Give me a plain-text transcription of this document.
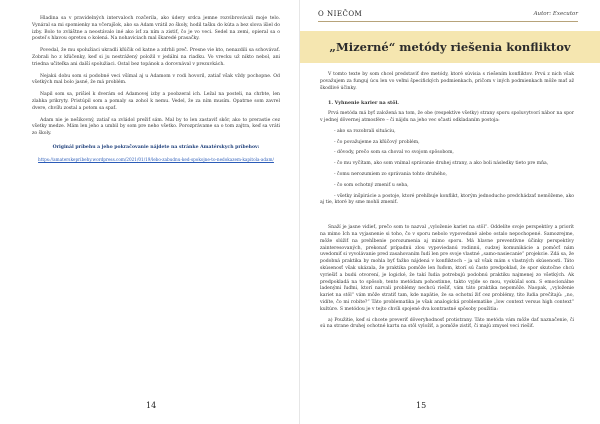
Hladina sa v pravidelných intervaloch rozčerila, ako údery srdca jemne rozvibrovávali moje telo. Vynáral sa mi spomienky na včerajšok, ako sa Adam vrátil zo školy, hodil tašku do kúta a bez slova išiel do izby. Bolo to zvláštne a neostávalo iné ako ísť za ním a zistiť, čo je vo veci. Sedel na zemi, opieral sa o posteľ s hlavou opretou o kolená. Na nohaviciach mal škaredé prasačky.

Povedal, že mu spolužiaci ukradli kľúčik od katne a zdrhli preč. Presne vie kto, nenazdili sa schovávať. Zobrali ho z kľúčenky, keď si ju nestrážený položil v jedálni na riadku. Vo vrecku už nikto nebol, ani triedna učiteľka ani další spolužiaci. Ostal bez topánok a dorovnával v prezuvkách.

Nejakú dobu som si podobné veci všímal aj u Adamom v rodi hovoril, zatiaľ však vždy pochopne. Od všetkých mal bolo jasné, že má problém.

Napil som sa, prišiel k dverám od Adamovej izby a poobzeral ich. Ležal na posteli, na chrbte, len zlahka prikryty. Pristúpil som a pomaly sa zohol k nemu. Vedel, že za ním musím. Opatrne som zavrel dvere, chvíľu zostal a potom sa spať.

Adam nie je nešikovný, zatiaľ sa zvládol prežiť sám. Mal by to len zastaviť skôr, ako to prerastie cez všetky medze. Mám len jeho a umbil by som pre neho všetko. Porozprávame sa o tom zajtra, keď sa vráti zo školy.

Originál príbehu a jeho pokračovanie nájdete na stránke Amatérskych príbehov:

https://amaterskepribehy.wordpress.com/2021/01/19/lebo-zabudnu-ked-spokojne-to-nedokazem-kapitola-adam/

14
O NIEČOM	Autor: Executor
„Mizerné“ metódy riešenia konfliktov

V tomto texte by som chcel predstaviť dve metódy, ktoré súvisia s riešením konfliktov. Prvú z nich však považujem za funguj úcu len vo veľmi špecifických podmienkach, pričom v iných podmienkach môže mať až škodlivé účinky.

1. Vyhnenie karier na stôl.

Prvá metóda má byť založená na tom, že obe (respektíve všetky) strany sporu spoluvytvorí nábor na spor v jednej dôvernej atmosfére – či nájdu na jeho vec sčasti odkladaním postoja:

- ako sa rozobrali situáciu,

- čo považujeme za kľúčový problém,

- dôvody, prečo som sa choval vo svojom spôsobom,

- čo mu vyčítam, ako som vnímal správanie druhej strany, a ako boli následky tieto pre mňa,

- čomu nerozumiem zo správania tohto druhého,

- čo som ochotný zmeniť u seba,

- všetky inšpirácie a postoje, ktoré prehlbuje konflikt, ktorým jednoducho predchádzať nemôžeme, ako aj tie, ktoré by sme mohli zmeniť.

Snaží je jasne vidieť, prečo som to nazval „vyloženie kariet na stôl“. Oddelíte svoje perspektívy a priorít na mimo Ich na vyjasnenie si toho, čo v sporu nebolo vypovedané alebo ostalo nepochopené. Samozrejme, môže slúžiť na prehĺbenie porozumenia aj mimo sporu. Má hlavne preventívne účinky perspektívy zainteresovaných, prekonať prípadnú zlou vypoviedanú rodinnú, cudzej komunikácie a pomôcť nám uvedomiť si vyvolávanie pred zasahovaním ľudí len pre svoje vlastné „samo-nasiecanie“ projekcie. Zdá sa, že podobná praktika by mohla byť ťažko nájdená v konfliktoch – ja už však mám s vlastných skúsenosti. Táto skúsenosť však ukázala, že praktika pomôže len ľuďom, ktorí sú často predpoklad, že spor skutočne chcú vyriešiť a budú otvorení, je logické, že takí ľudia potrebujú podobnú praktiku najmenej zo všetkých. Ak predpokladá na to spôsob, tento metódam pohostinne, takto vyjde so mou, vyskúšal som. S emocionálne ladenými ľuďmi, ktorí narvali problémy nechcú riešiť, vám táto praktika nepomôže. Naopak, „vyloženie kariet na stôl“ vám môže stratiť tam, kde napätie, že sa ochotní žiť cez problémy, tito ľudia prečítajú: „no, vidíte, čo mi robíte?“ Táto problematika je však analogická problematike „low context versus high context“ kultúre. S metódou je v tejto chvíli spojené dva kontrastné spôsoby použitia:

a) Použitie, keď si chcete preveriť dôveryhodnosť protistrany. Táto metóda vám môže dať naznačenie, či sú na strane druhej ochotné kartu na stôl vyložiť, a pomôže zistiť, či majú zmysel veci riešiť.

15
